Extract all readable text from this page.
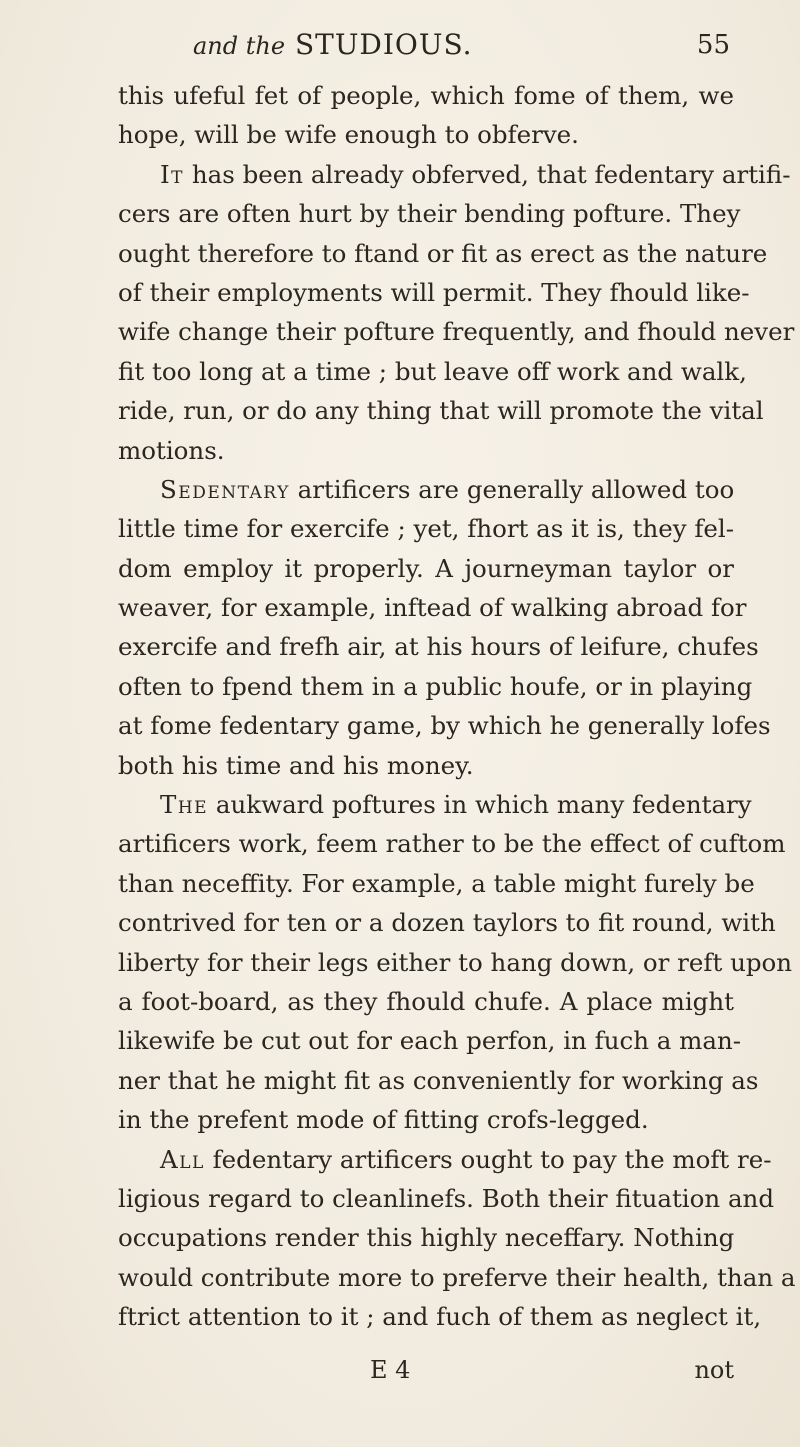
and the STUDIOUS.	55
this ufeful fet of people, which fome of them, we
hope, will be wife enough to obferve.
It has been already obferved, that fedentary artifi-
cers are often hurt by their bending pofture. They
ought therefore to ftand or fit as erect as the nature
of their employments will permit. They fhould like-
wife change their pofture frequently, and fhould never
fit too long at a time ; but leave off work and walk,
ride, run, or do any thing that will promote the vital
motions.
Sedentary artificers are generally allowed too
little time for exercife ; yet, fhort as it is, they fel-
dom employ it properly. A journeyman taylor or
weaver, for example, inftead of walking abroad for
exercife and frefh air, at his hours of leifure, chufes
often to fpend them in a public houfe, or in playing
at fome fedentary game, by which he generally lofes
both his time and his money.
The aukward poftures in which many fedentary
artificers work, feem rather to be the effect of cuftom
than neceffity. For example, a table might furely be
contrived for ten or a dozen taylors to fit round, with
liberty for their legs either to hang down, or reft upon
a foot-board, as they fhould chufe. A place might
likewife be cut out for each perfon, in fuch a man-
ner that he might fit as conveniently for working as
in the prefent mode of fitting crofs-legged.
All fedentary artificers ought to pay the moft re-
ligious regard to cleanlinefs. Both their fituation and
occupations render this highly neceffary. Nothing
would contribute more to preferve their health, than a
ftrict attention to it ; and fuch of them as neglect it,
E 4	not
